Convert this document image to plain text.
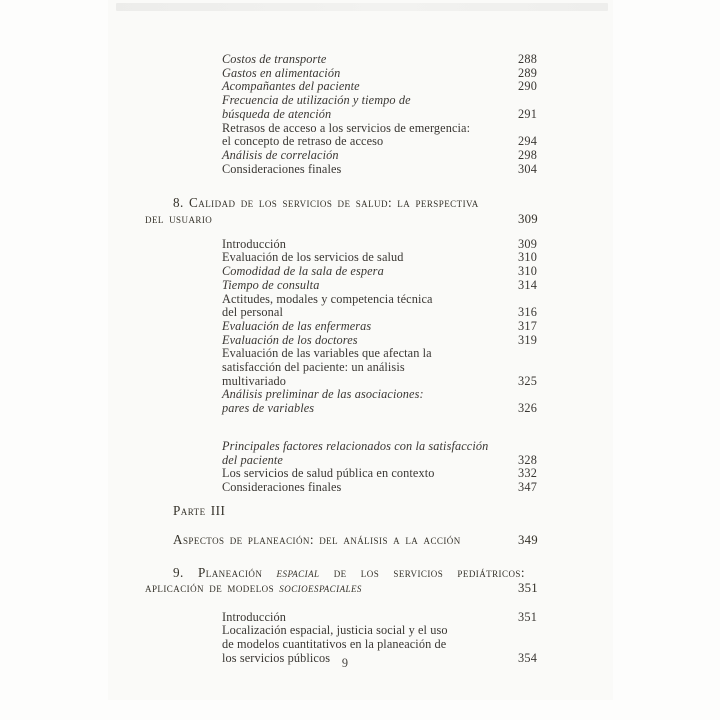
Costos de transporte	288
Gastos en alimentación	289
Acompañantes del paciente	290
Frecuencia de utilización y tiempo de
búsqueda de atención	291
Retrasos de acceso a los servicios de emergencia:
el concepto de retraso de acceso	294
Análisis de correlación	298
Consideraciones finales	304
8. Calidad de los servicios de salud: la perspectiva
del usuario	309
Introducción	309
Evaluación de los servicios de salud	310
Comodidad de la sala de espera	310
Tiempo de consulta	314
Actitudes, modales y competencia técnica
del personal	316
Evaluación de las enfermeras	317
Evaluación de los doctores	319
Evaluación de las variables que afectan la
satisfacción del paciente: un análisis
multivariado	325
Análisis preliminar de las asociaciones:
pares de variables	326
Principales factores relacionados con la satisfacción
del paciente	328
Los servicios de salud pública en contexto	332
Consideraciones finales	347
Parte III
Aspectos de planeación: del análisis a la acción	349
9. Planeación espacial de los servicios pediátricos:
aplicación de modelos socioespaciales	351
Introducción	351
Localización espacial, justicia social y el uso
de modelos cuantitativos en la planeación de
los servicios públicos	354
9
